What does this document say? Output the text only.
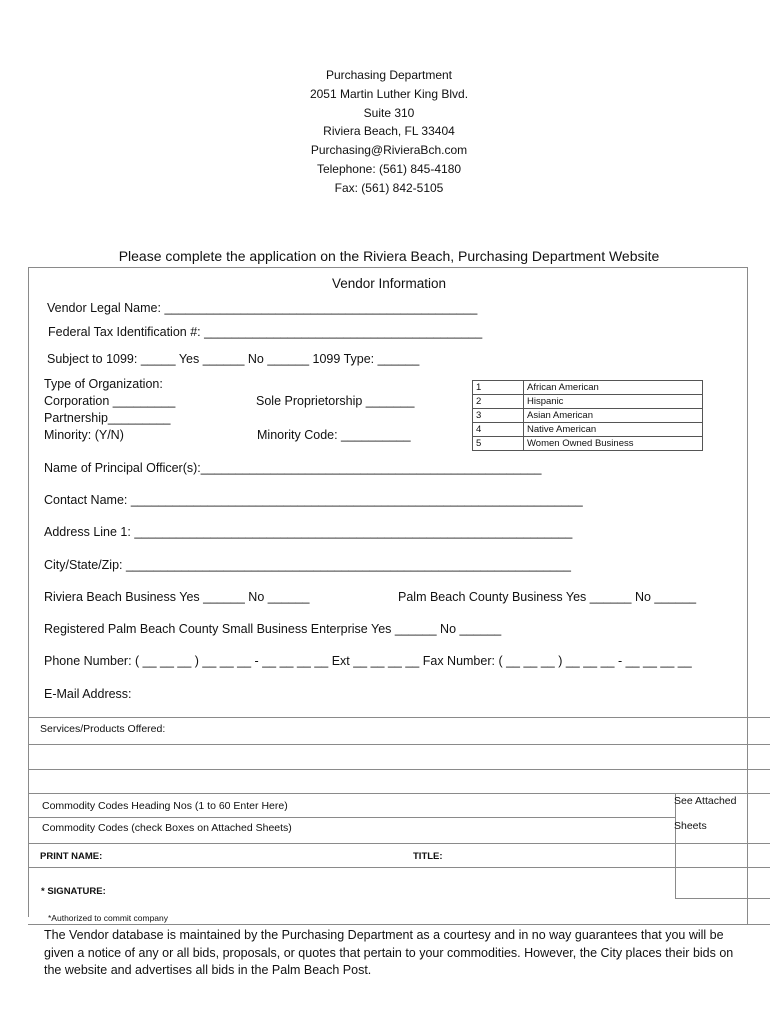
Purchasing Department
2051 Martin Luther King Blvd.
Suite 310
Riviera Beach, FL 33404
Purchasing@RivieraBch.com
Telephone: (561) 845-4180
Fax: (561) 842-5105
Please complete the application on the Riviera Beach, Purchasing Department Website
Vendor Information
Vendor Legal Name: _____________________________________________
Federal Tax Identification #: ________________________________________
Subject to 1099: _____ Yes ______ No ______ 1099 Type: ______
Type of Organization:
Corporation _________	Sole Proprietorship _______
Partnership_________
Minority: (Y/N)	Minority Code: __________
1	African American
2	Hispanic
3	Asian American
4	Native American
5	Women Owned Business
Name of Principal Officer(s):_________________________________________________
Contact Name: _________________________________________________________________
Address Line 1: _______________________________________________________________
City/State/Zip: ________________________________________________________________
Riviera Beach Business Yes ______ No ______	Palm Beach County Business Yes ______ No ______
Registered Palm Beach County Small Business Enterprise Yes ______ No ______
Phone Number: ( __ __ __ ) __ __ __ - __ __ __ __ Ext __ __ __ __ Fax Number: ( __ __ __ ) __ __ __ - __ __ __ __
E-Mail Address:
Services/Products Offered:
Commodity Codes Heading Nos (1 to 60 Enter Here)
Commodity Codes (check Boxes on Attached Sheets)
See Attached
Sheets
PRINT NAME:	TITLE:
* SIGNATURE:
*Authorized to commit company
The Vendor database is maintained by the Purchasing Department as a courtesy and in no way guarantees that you will be given a notice of any or all bids, proposals, or quotes that pertain to your commodities. However, the City places their bids on the website and advertises all bids in the Palm Beach Post.
